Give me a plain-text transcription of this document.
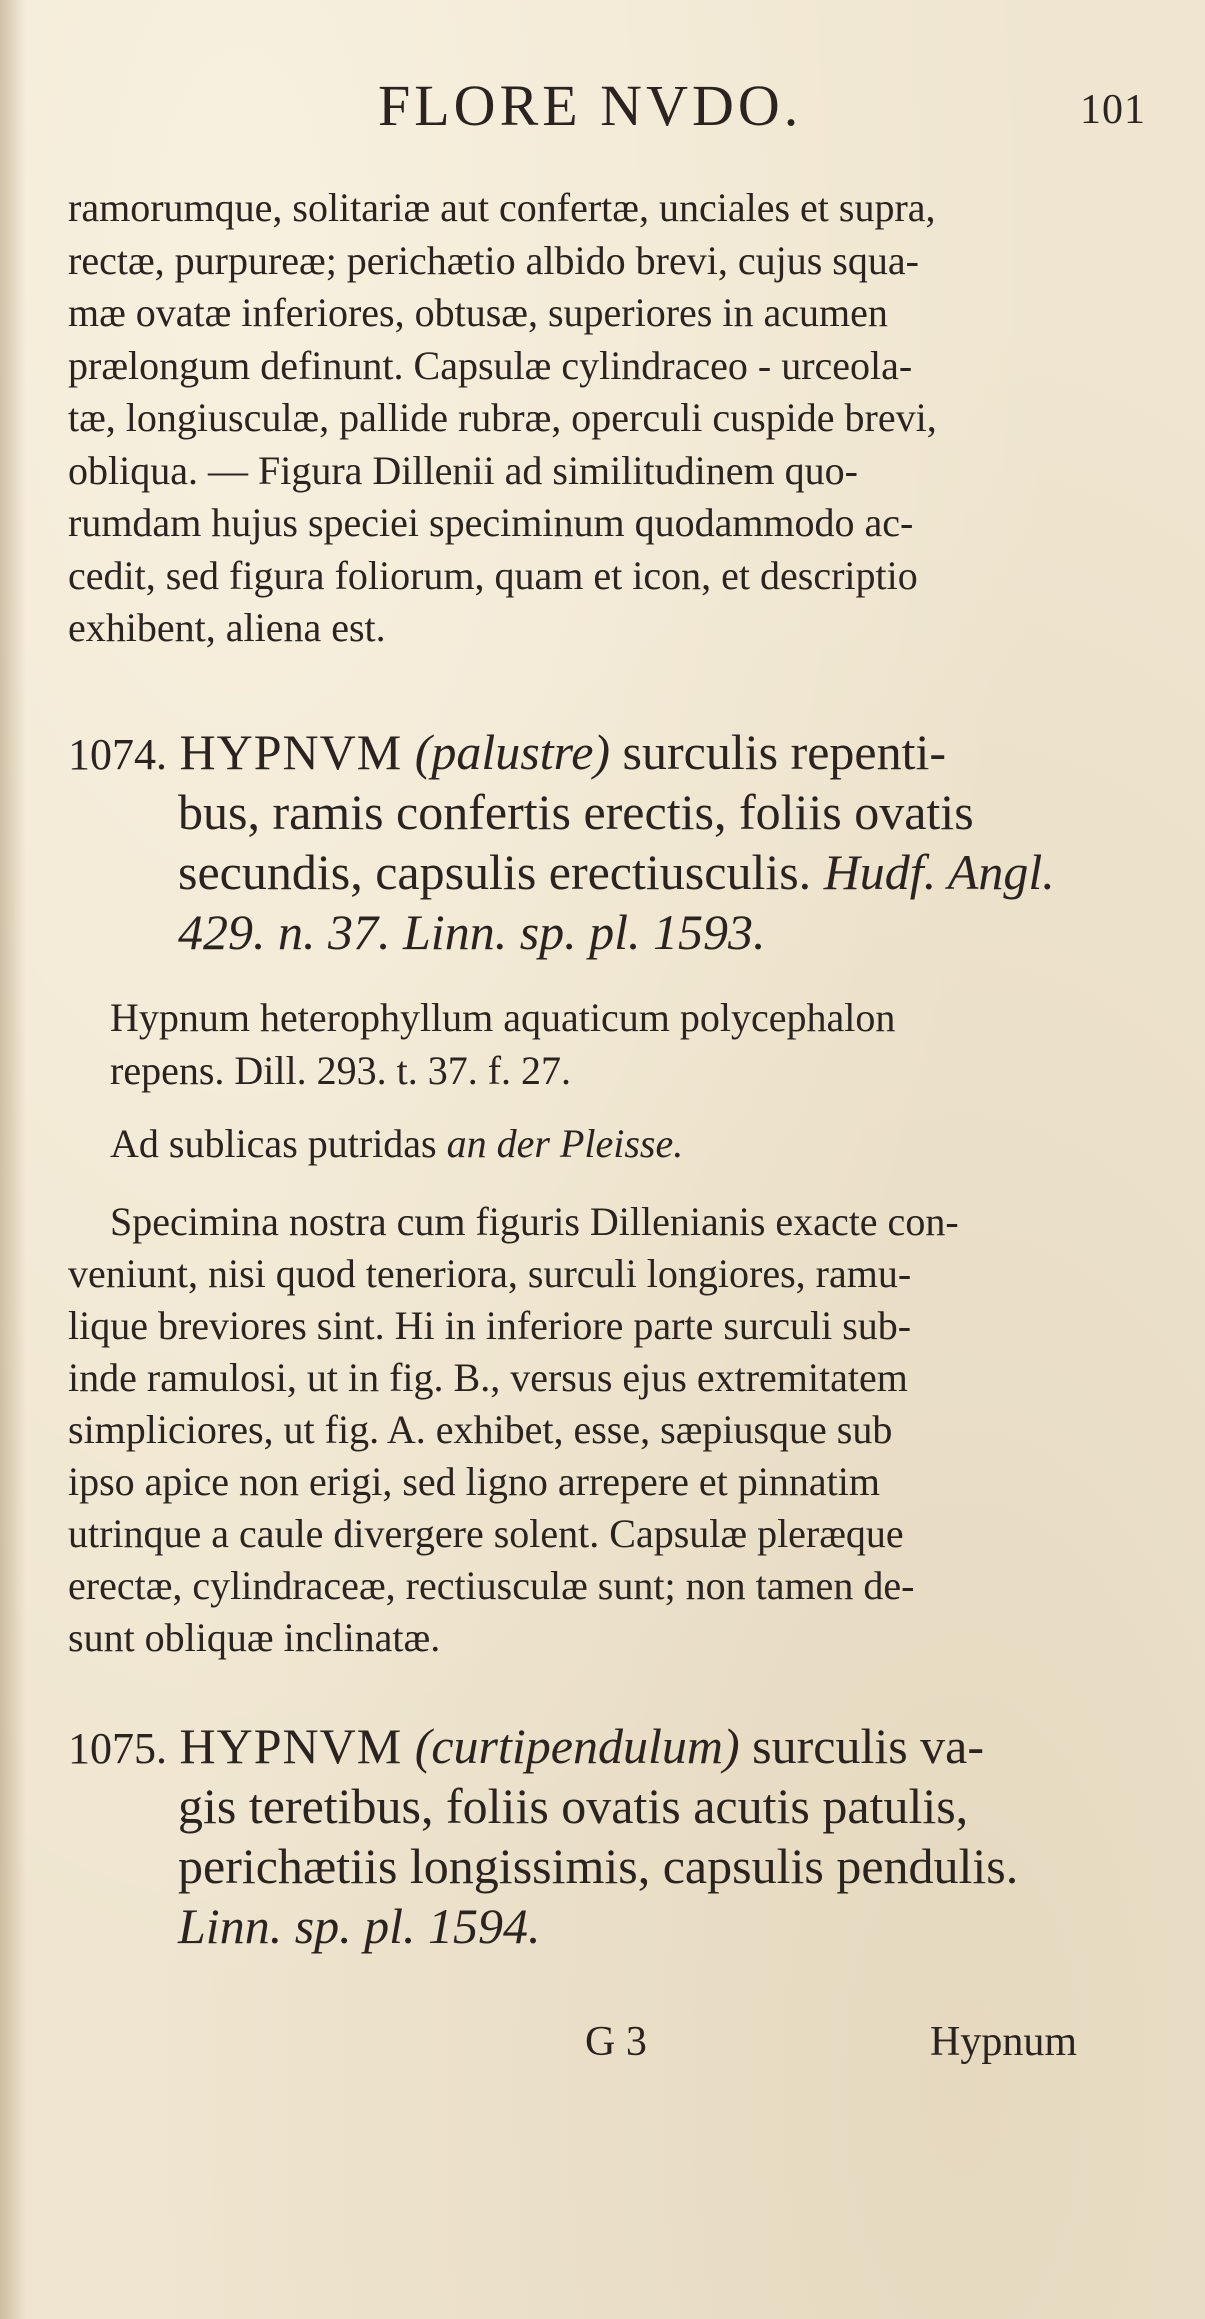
FLORE NVDO.	101
ramorumque, solitariæ aut confertæ, unciales et supra,
rectæ, purpureæ; perichætio albido brevi, cujus squa-
mæ ovatæ inferiores, obtusæ, superiores in acumen
prælongum definunt. Capsulæ cylindraceo - urceola-
tæ, longiusculæ, pallide rubræ, operculi cuspide brevi,
obliqua. — Figura Dillenii ad similitudinem quo-
rumdam hujus speciei speciminum quodammodo ac-
cedit, sed figura foliorum, quam et icon, et descriptio
exhibent, aliena est.
1074. HYPNVM (palustre) surculis repenti-
bus, ramis confertis erectis, foliis ovatis
secundis, capsulis erectiusculis. Hudf. Angl.
429. n. 37. Linn. sp. pl. 1593.
Hypnum heterophyllum aquaticum polycephalon
repens. Dill. 293. t. 37. f. 27.
Ad sublicas putridas an der Pleisse.
Specimina nostra cum figuris Dillenianis exacte con-
veniunt, nisi quod teneriora, surculi longiores, ramu-
lique breviores sint. Hi in inferiore parte surculi sub-
inde ramulosi, ut in fig. B., versus ejus extremitatem
simpliciores, ut fig. A. exhibet, esse, sæpiusque sub
ipso apice non erigi, sed ligno arrepere et pinnatim
utrinque a caule divergere solent. Capsulæ pleræque
erectæ, cylindraceæ, rectiusculæ sunt; non tamen de-
sunt obliquæ inclinatæ.
1075. HYPNVM (curtipendulum) surculis va-
gis teretibus, foliis ovatis acutis patulis,
perichætiis longissimis, capsulis pendulis.
Linn. sp. pl. 1594.
G 3	Hypnum
